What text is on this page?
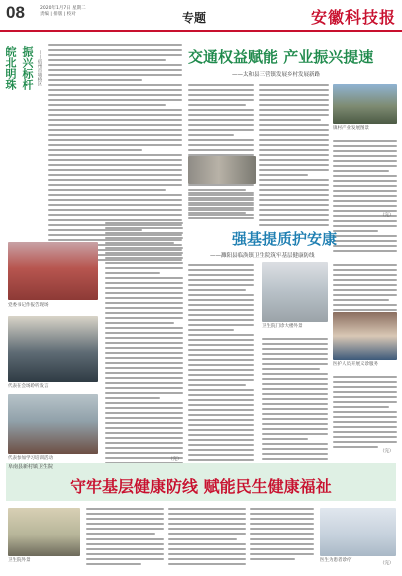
08	2020年1月7日 星期二
责编 | 排版 | 校对	专题	安徽科技报
皖北明珠 振兴标杆 ——宿州市埇桥区
党委书记作报告现场
代表在会场聆听发言
代表参加学习培训活动	（完）
交通权益赋能 产业振兴提速
——太和县三营镇发展乡村发展新路
镇村产业发展图景
（完）
强基提质护安康
——濉阳县临涣镇卫生院筑牢基层健康防线
卫生院门诊大楼外景
医护人员开展义诊服务
（完）
阜南县新村镇卫生院
守牢基层健康防线 赋能民生健康福祉
卫生院外景	医生为患者诊疗
（完）
